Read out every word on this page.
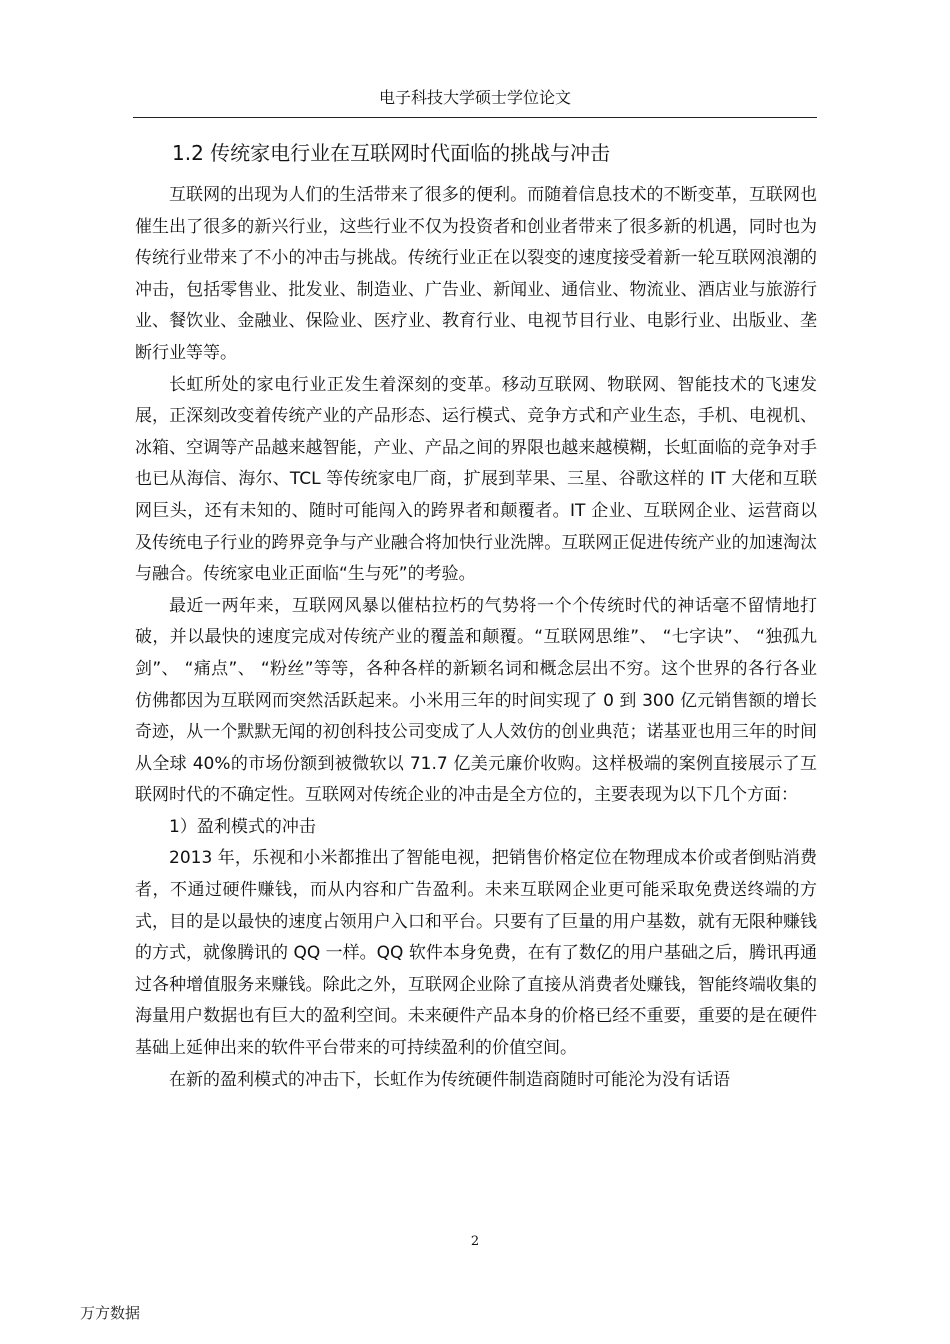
电子科技大学硕士学位论文
1.2 传统家电行业在互联网时代面临的挑战与冲击

互联网的出现为人们的生活带来了很多的便利。而随着信息技术的不断变革，互联网也催生出了很多的新兴行业，这些行业不仅为投资者和创业者带来了很多新的机遇，同时也为传统行业带来了不小的冲击与挑战。传统行业正在以裂变的速度接受着新一轮互联网浪潮的冲击，包括零售业、批发业、制造业、广告业、新闻业、通信业、物流业、酒店业与旅游行业、餐饮业、金融业、保险业、医疗业、教育行业、电视节目行业、电影行业、出版业、垄断行业等等。

长虹所处的家电行业正发生着深刻的变革。移动互联网、物联网、智能技术的飞速发展，正深刻改变着传统产业的产品形态、运行模式、竞争方式和产业生态，手机、电视机、冰箱、空调等产品越来越智能，产业、产品之间的界限也越来越模糊，长虹面临的竞争对手也已从海信、海尔、TCL 等传统家电厂商，扩展到苹果、三星、谷歌这样的 IT 大佬和互联网巨头，还有未知的、随时可能闯入的跨界者和颠覆者。IT 企业、互联网企业、运营商以及传统电子行业的跨界竞争与产业融合将加快行业洗牌。互联网正促进传统产业的加速淘汰与融合。传统家电业正面临“生与死”的考验。

最近一两年来，互联网风暴以催枯拉朽的气势将一个个传统时代的神话毫不留情地打破，并以最快的速度完成对传统产业的覆盖和颠覆。“互联网思维”、 “七字诀”、 “独孤九剑”、 “痛点”、 “粉丝”等等，各种各样的新颖名词和概念层出不穷。这个世界的各行各业仿佛都因为互联网而突然活跃起来。小米用三年的时间实现了 0 到 300 亿元销售额的增长奇迹，从一个默默无闻的初创科技公司变成了人人效仿的创业典范；诺基亚也用三年的时间从全球 40%的市场份额到被微软以 71.7 亿美元廉价收购。这样极端的案例直接展示了互联网时代的不确定性。互联网对传统企业的冲击是全方位的，主要表现为以下几个方面：

1）盈利模式的冲击

2013 年，乐视和小米都推出了智能电视，把销售价格定位在物理成本价或者倒贴消费者，不通过硬件赚钱，而从内容和广告盈利。未来互联网企业更可能采取免费送终端的方式，目的是以最快的速度占领用户入口和平台。只要有了巨量的用户基数，就有无限种赚钱的方式，就像腾讯的 QQ 一样。QQ 软件本身免费，在有了数亿的用户基础之后，腾讯再通过各种增值服务来赚钱。除此之外，互联网企业除了直接从消费者处赚钱，智能终端收集的海量用户数据也有巨大的盈利空间。未来硬件产品本身的价格已经不重要，重要的是在硬件基础上延伸出来的软件平台带来的可持续盈利的价值空间。

在新的盈利模式的冲击下，长虹作为传统硬件制造商随时可能沦为没有话语

2
万方数据
